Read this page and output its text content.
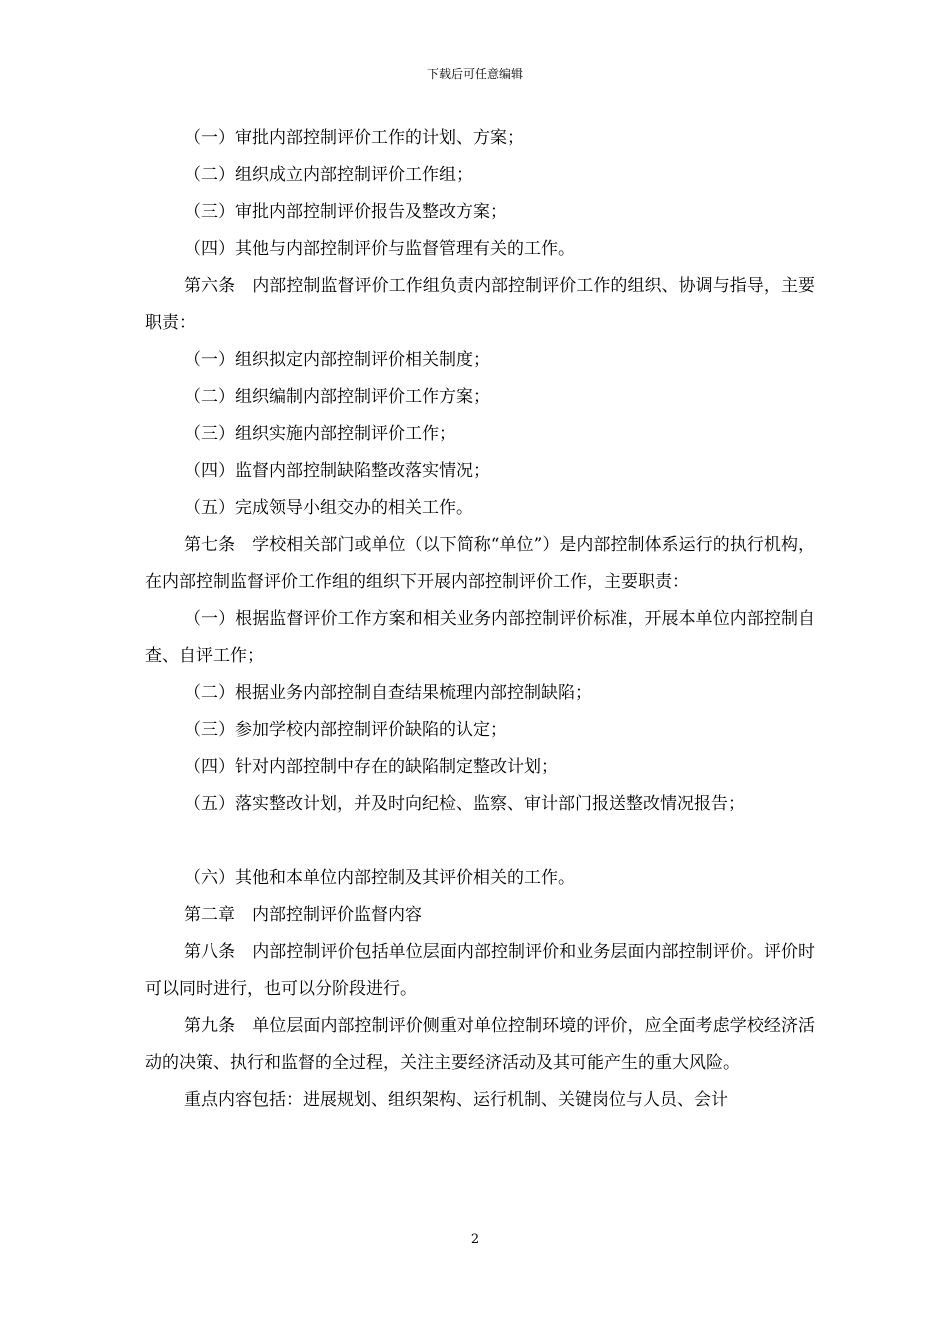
下载后可任意编辑

（一）审批内部控制评价工作的计划、方案；

（二）组织成立内部控制评价工作组；

（三）审批内部控制评价报告及整改方案；

（四）其他与内部控制评价与监督管理有关的工作。

第六条　内部控制监督评价工作组负责内部控制评价工作的组织、协调与指导，主要职责：

（一）组织拟定内部控制评价相关制度；

（二）组织编制内部控制评价工作方案；

（三）组织实施内部控制评价工作；

（四）监督内部控制缺陷整改落实情况；

（五）完成领导小组交办的相关工作。

第七条　学校相关部门或单位（以下简称“单位”）是内部控制体系运行的执行机构，在内部控制监督评价工作组的组织下开展内部控制评价工作，主要职责：

（一）根据监督评价工作方案和相关业务内部控制评价标准，开展本单位内部控制自查、自评工作；

（二）根据业务内部控制自查结果梳理内部控制缺陷；

（三）参加学校内部控制评价缺陷的认定；

（四）针对内部控制中存在的缺陷制定整改计划；

（五）落实整改计划，并及时向纪检、监察、审计部门报送整改情况报告；

（六）其他和本单位内部控制及其评价相关的工作。

第二章　内部控制评价监督内容

第八条　内部控制评价包括单位层面内部控制评价和业务层面内部控制评价。评价时可以同时进行，也可以分阶段进行。

第九条　单位层面内部控制评价侧重对单位控制环境的评价，应全面考虑学校经济活动的决策、执行和监督的全过程，关注主要经济活动及其可能产生的重大风险。

重点内容包括：进展规划、组织架构、运行机制、关键岗位与人员、会计

2
